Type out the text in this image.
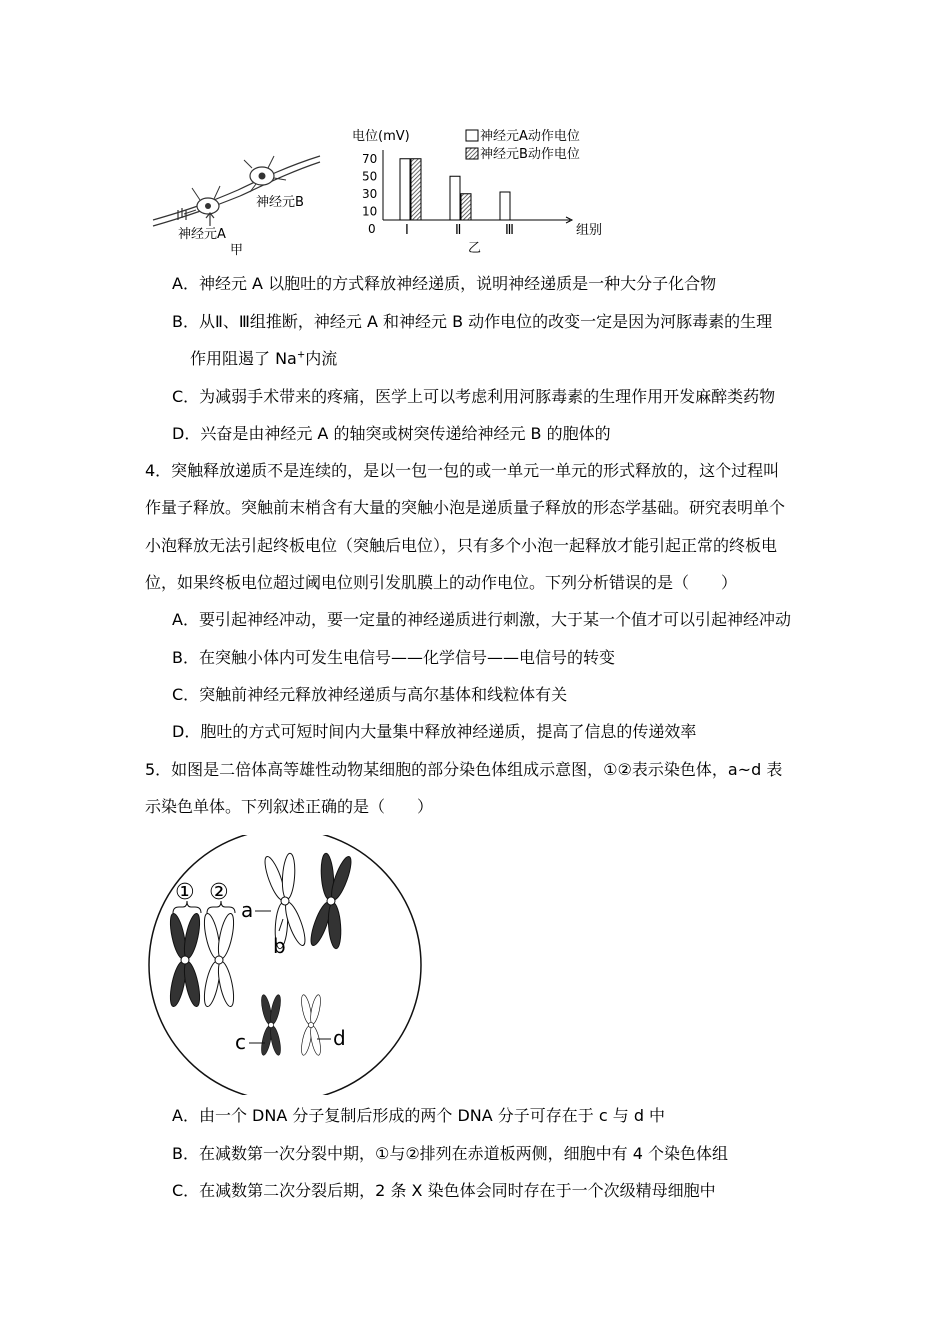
神经元B
神经元A
甲
电位(mV)	神经元A动作电位
神经元B动作电位
0
10
30
50
70
Ⅰ	Ⅱ	Ⅲ	组别
乙
A．神经元 A 以胞吐的方式释放神经递质，说明神经递质是一种大分子化合物
B．从Ⅱ、Ⅲ组推断，神经元 A 和神经元 B 动作电位的改变一定是因为河豚毒素的生理
作用阻遏了 Na+内流
C．为减弱手术带来的疼痛，医学上可以考虑利用河豚毒素的生理作用开发麻醉类药物
D．兴奋是由神经元 A 的轴突或树突传递给神经元 B 的胞体的
4．突触释放递质不是连续的，是以一包一包的或一单元一单元的形式释放的，这个过程叫
作量子释放。突触前末梢含有大量的突触小泡是递质量子释放的形态学基础。研究表明单个
小泡释放无法引起终板电位（突触后电位），只有多个小泡一起释放才能引起正常的终板电
位，如果终板电位超过阈电位则引发肌膜上的动作电位。下列分析错误的是（　　）
A．要引起神经冲动，要一定量的神经递质进行刺激，大于某一个值才可以引起神经冲动
B．在突触小体内可发生电信号——化学信号——电信号的转变
C．突触前神经元释放神经递质与高尔基体和线粒体有关
D．胞吐的方式可短时间内大量集中释放神经递质，提高了信息的传递效率
5．如图是二倍体高等雄性动物某细胞的部分染色体组成示意图，①②表示染色体，a~d 表
示染色单体。下列叙述正确的是（　　）
① ②
a
b
c	d
A．由一个 DNA 分子复制后形成的两个 DNA 分子可存在于 c 与 d 中
B．在减数第一次分裂中期，①与②排列在赤道板两侧，细胞中有 4 个染色体组
C．在减数第二次分裂后期，2 条 X 染色体会同时存在于一个次级精母细胞中
